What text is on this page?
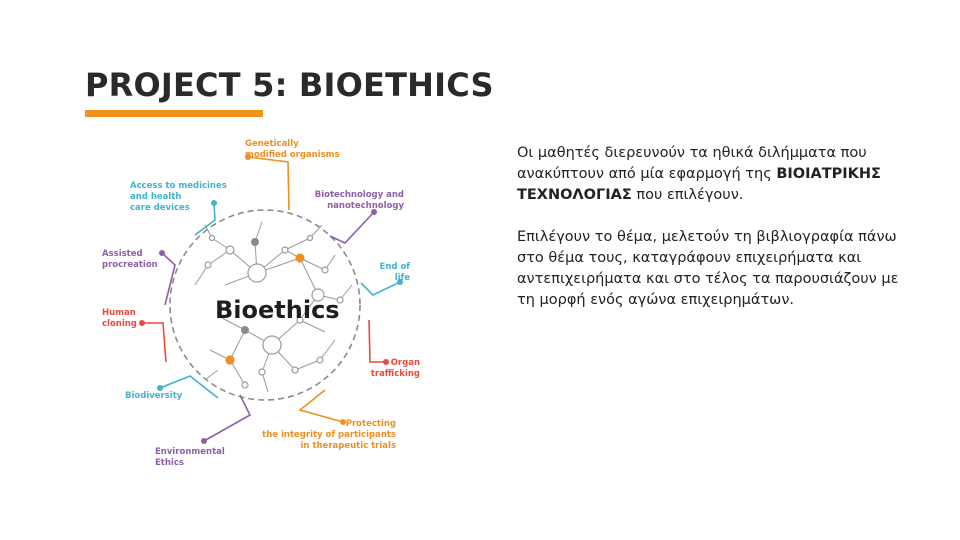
PROJECT 5: BIOETHICS
Bioethics
Genetically
modified organisms
Biotechnology and
nanotechnology
End of
life
Organ
trafficking
Protecting
the integrity of participants
in therapeutic trials
Environmental
Ethics
Biodiversity
Human
cloning
Assisted
procreation
Access to medicines
and health
care devices

Οι μαθητές διερευνούν τα ηθικά διλήμματα που ανακύπτουν από μία εφαρμογή της ΒΙΟΙΑΤΡΙΚΗΣ ΤΕΧΝΟΛΟΓΙΑΣ που επιλέγουν.

Επιλέγουν το θέμα, μελετούν τη βιβλιογραφία πάνω στο θέμα τους, καταγράφουν επιχειρήματα και αντεπιχειρήματα και στο τέλος τα παρουσιάζουν με τη μορφή ενός αγώνα επιχειρημάτων.
